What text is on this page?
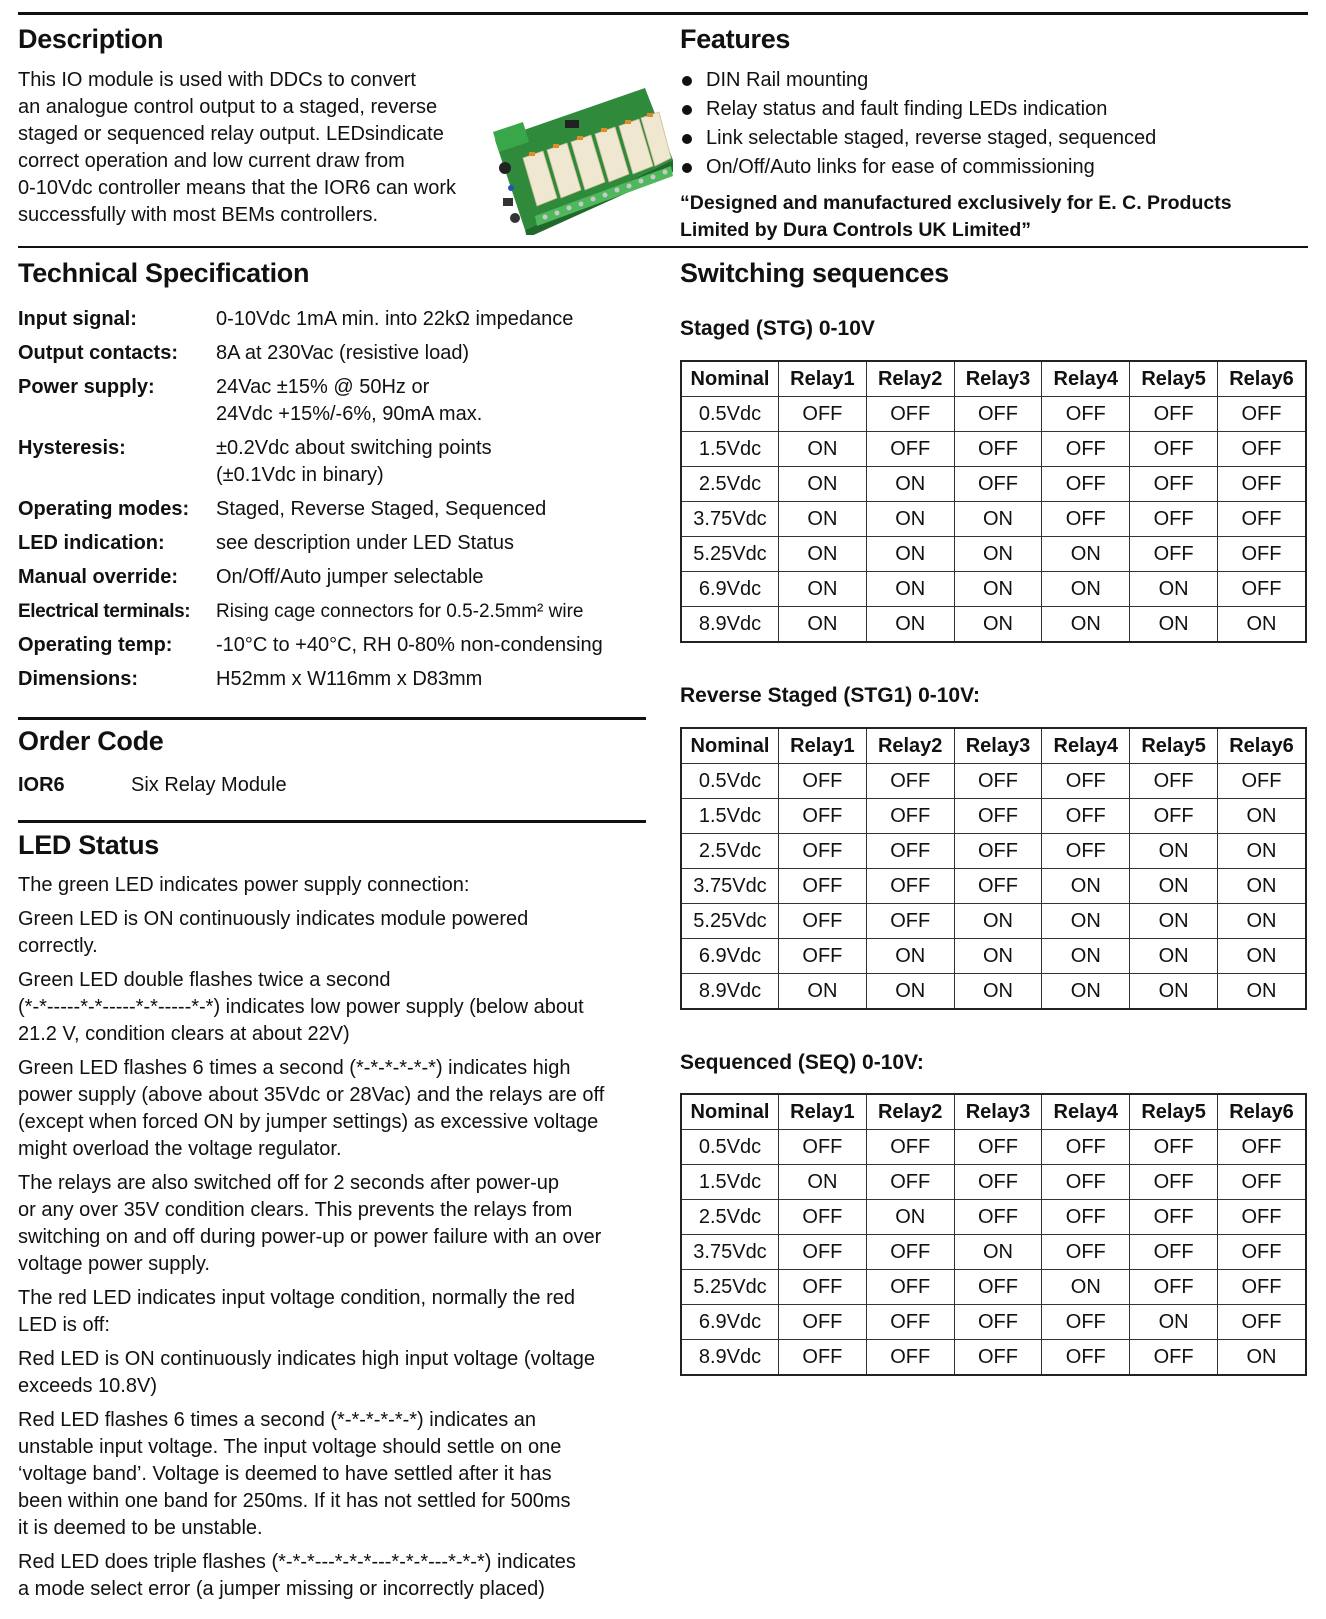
Description
This IO module is used with DDCs to convert
an analogue control output to a staged, reverse
staged or sequenced relay output. LEDsindicate
correct operation and low current draw from
0-10Vdc controller means that the IOR6 can work
successfully with most BEMs controllers.
Features
DIN Rail mounting
Relay status and fault finding LEDs indication
Link selectable staged, reverse staged, sequenced
On/Off/Auto links for ease of commissioning
“Designed and manufactured exclusively for E. C. Products
Limited by Dura Controls UK Limited”
Technical Specification
Input signal:	0-10Vdc 1mA min. into 22kΩ impedance
Output contacts:	8A at 230Vac (resistive load)
Power supply:	24Vac ±15% @ 50Hz or
24Vdc +15%/-6%, 90mA max.
Hysteresis:	±0.2Vdc about switching points
(±0.1Vdc in binary)
Operating modes:	Staged, Reverse Staged, Sequenced
LED indication:	see description under LED Status
Manual override:	On/Off/Auto jumper selectable
Electrical terminals:	Rising cage connectors for 0.5-2.5mm² wire
Operating temp:	-10°C to +40°C, RH 0-80% non-condensing
Dimensions:	H52mm x W116mm x D83mm
Order Code
IOR6	Six Relay Module
LED Status

The green LED indicates power supply connection:

Green LED is ON continuously indicates module powered
correctly.

Green LED double flashes twice a second
(*-*-----*-*-----*-*-----*-*) indicates low power supply (below about
21.2 V, condition clears at about 22V)

Green LED flashes 6 times a second (*-*-*-*-*-*) indicates high
power supply (above about 35Vdc or 28Vac) and the relays are off
(except when forced ON by jumper settings) as excessive voltage
might overload the voltage regulator.

The relays are also switched off for 2 seconds after power-up
or any over 35V condition clears. This prevents the relays from
switching on and off during power-up or power failure with an over
voltage power supply.

The red LED indicates input voltage condition, normally the red
LED is off:

Red LED is ON continuously indicates high input voltage (voltage
exceeds 10.8V)

Red LED flashes 6 times a second (*-*-*-*-*-*) indicates an
unstable input voltage. The input voltage should settle on one
‘voltage band’. Voltage is deemed to have settled after it has
been within one band for 250ms. If it has not settled for 500ms
it is deemed to be unstable.

Red LED does triple flashes (*-*-*---*-*-*---*-*-*---*-*-*) indicates
a mode select error (a jumper missing or incorrectly placed)

Switching sequences
Staged (STG) 0-10V
Nominal	Relay1	Relay2	Relay3	Relay4	Relay5	Relay6
0.5Vdc	OFF	OFF	OFF	OFF	OFF	OFF
1.5Vdc	ON	OFF	OFF	OFF	OFF	OFF
2.5Vdc	ON	ON	OFF	OFF	OFF	OFF
3.75Vdc	ON	ON	ON	OFF	OFF	OFF
5.25Vdc	ON	ON	ON	ON	OFF	OFF
6.9Vdc	ON	ON	ON	ON	ON	OFF
8.9Vdc	ON	ON	ON	ON	ON	ON
Reverse Staged (STG1) 0-10V:
Nominal	Relay1	Relay2	Relay3	Relay4	Relay5	Relay6
0.5Vdc	OFF	OFF	OFF	OFF	OFF	OFF
1.5Vdc	OFF	OFF	OFF	OFF	OFF	ON
2.5Vdc	OFF	OFF	OFF	OFF	ON	ON
3.75Vdc	OFF	OFF	OFF	ON	ON	ON
5.25Vdc	OFF	OFF	ON	ON	ON	ON
6.9Vdc	OFF	ON	ON	ON	ON	ON
8.9Vdc	ON	ON	ON	ON	ON	ON
Sequenced (SEQ) 0-10V:
Nominal	Relay1	Relay2	Relay3	Relay4	Relay5	Relay6
0.5Vdc	OFF	OFF	OFF	OFF	OFF	OFF
1.5Vdc	ON	OFF	OFF	OFF	OFF	OFF
2.5Vdc	OFF	ON	OFF	OFF	OFF	OFF
3.75Vdc	OFF	OFF	ON	OFF	OFF	OFF
5.25Vdc	OFF	OFF	OFF	ON	OFF	OFF
6.9Vdc	OFF	OFF	OFF	OFF	ON	OFF
8.9Vdc	OFF	OFF	OFF	OFF	OFF	ON
